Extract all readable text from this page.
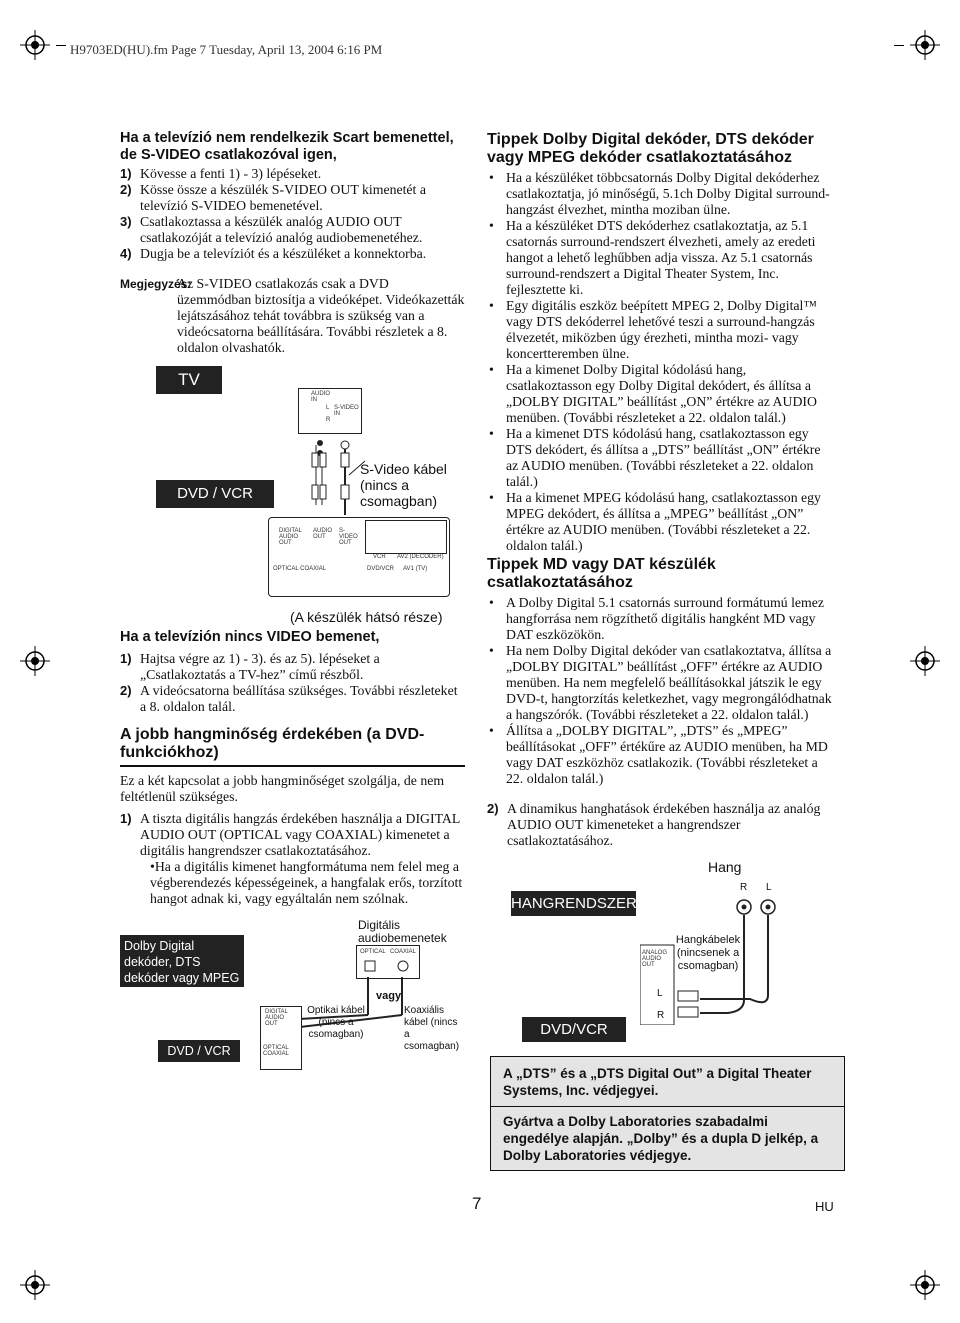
H9703ED(HU).fm Page 7 Tuesday, April 13, 2004 6:16 PM
Ha a televízió nem rendelkezik Scart bemenettel, de S-VIDEO csatlakozóval igen,
1) Kövesse a fenti 1) - 3) lépéseket.
2) Kösse össze a készülék S-VIDEO OUT kimenetét a televízió S-VIDEO bemenetével.
3) Csatlakoztassa a készülék analóg AUDIO OUT csatlakozóját a televízió analóg audiobemenetéhez.
4) Dugja be a televíziót és a készüléket a konnektorba.
Megjegyzés:
Az S-VIDEO csatlakozás csak a DVD üzemmódban biztosítja a videóképet. Videókazetták lejátszásához tehát továbbra is szükség van a videócsatorna beállítására. További részletek a 8. oldalon olvashatók.
TV
DVD / VCR
AUDIO IN
L
R
S-VIDEO IN
S-Video kábel (nincs a csomagban)
DIGITAL AUDIO OUT
AUDIO OUT
S-VIDEO OUT
OPTICAL COAXIAL
VCR AV2 (DECODER)
DVD/VCR AV1 (TV)
(A készülék hátsó része)
Ha a televízión nincs VIDEO bemenet,
1) Hajtsa végre az 1) - 3). és az 5). lépéseket a „Csatlakoztatás a TV-hez” című részből.
2) A videócsatorna beállítása szükséges. További részleteket a 8. oldalon talál.
A jobb hangminőség érdekében (a DVD-funkciókhoz)
Ez a két kapcsolat a jobb hangminőséget szolgálja, de nem feltétlenül szükséges.
1) A tiszta digitális hangzás érdekében használja a DIGITAL AUDIO OUT (OPTICAL vagy COAXIAL) kimenetet a digitális hangrendszer csatlakoztatásához.
•Ha a digitális kimenet hangformátuma nem felel meg a végberendezés képességeinek, a hangfalak erős, torzított hangot adnak ki, vagy egyáltalán nem szólnak.
Dolby Digital dekóder, DTS dekóder vagy MPEG dekóder stb.
Digitális audiobemenetek
OPTICAL COAXIAL
vagy
DIGITAL AUDIO OUT
OPTICAL COAXIAL
Optikai kábel (nincs a csomagban)
Koaxiális kábel (nincs a csomagban)
DVD / VCR
Tippek Dolby Digital dekóder, DTS dekóder vagy MPEG dekóder csatlakoztatásához
• Ha a készüléket többcsatornás Dolby Digital dekóderhez csatlakoztatja, jó minőségű, 5.1ch Dolby Digital surround-hangzást élvezhet, mintha moziban ülne.
• Ha a készüléket DTS dekóderhez csatlakoztatja, az 5.1 csatornás surround-rendszert élvezheti, amely az eredeti hangot a lehető leghűbben adja vissza. Az 5.1 csatornás surround-rendszert a Digital Theater System, Inc. fejlesztette ki.
• Egy digitális eszköz beépített MPEG 2, Dolby Digital™ vagy DTS dekóderrel lehetővé teszi a surround-hangzás élvezetét, miközben úgy érezheti, mintha mozi- vagy koncertteremben ülne.
• Ha a kimenet Dolby Digital kódolású hang, csatlakoztasson egy Dolby Digital dekódert, és állítsa a „DOLBY DIGITAL” beállítást „ON” értékre az AUDIO menüben. (További részleteket a 22. oldalon talál.)
• Ha a kimenet DTS kódolású hang, csatlakoztasson egy DTS dekódert, és állítsa a „DTS” beállítást „ON” értékre az AUDIO menüben. (További részleteket a 22. oldalon talál.)
• Ha a kimenet MPEG kódolású hang, csatlakoztasson egy MPEG dekódert, és állítsa a „MPEG” beállítást „ON” értékre az AUDIO menüben. (További részleteket a 22. oldalon talál.)
Tippek MD vagy DAT készülék csatlakoztatásához
• A Dolby Digital 5.1 csatornás surround formátumú lemez hangforrása nem rögzíthető digitális hangként MD vagy DAT eszközökön.
• Ha nem Dolby Digital dekóder van csatlakoztatva, állítsa a „DOLBY DIGITAL” beállítást „OFF” értékre az AUDIO menüben. Ha nem megfelelő beállításokkal játszik le egy DVD-t, hangtorzítás keletkezhet, vagy megrongálódhatnak a hangszórók. (További részleteket a 22. oldalon talál.)
• Állítsa a „DOLBY DIGITAL”, „DTS” és „MPEG” beállításokat „OFF” értékűre az AUDIO menüben, ha MD vagy DAT eszközhöz csatlakozik. (További részleteket a 22. oldalon talál.)
2) A dinamikus hanghatások érdekében használja az analóg AUDIO OUT kimeneteket a hangrendszer csatlakoztatásához.
Hang
R L
HANGRENDSZER
ANALOG AUDIO OUT
L
R
Hangkábelek (nincsenek a csomagban)
DVD/VCR
A „DTS” és a „DTS Digital Out” a Digital Theater Systems, Inc. védjegyei.
Gyártva a Dolby Laboratories szabadalmi engedélye alapján. „Dolby” és a dupla D jelkép, a Dolby Laboratories védjegye.
7	HU
